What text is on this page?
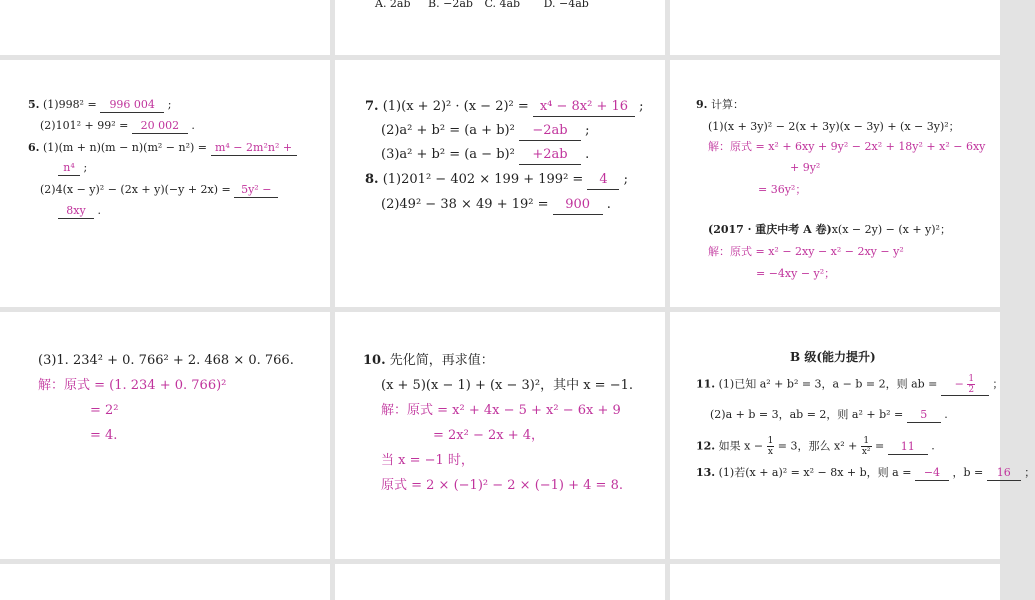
A. 2ab B. −2ab C. 4ab D. −4ab
5. (1)998² = 996 004 ;
(2)101² + 99² = 20 002 .
6. (1)(m + n)(m − n)(m² − n²) = m⁴ − 2m²n² +
n⁴ ;
(2)4(x − y)² − (2x + y)(−y + 2x) = 5y² −
8xy .
7. (1)(x + 2)² · (x − 2)² = x⁴ − 8x² + 16 ;
(2)a² + b² = (a + b)² −2ab ;
(3)a² + b² = (a − b)² +2ab .
8. (1)201² − 402 × 199 + 199² = 4 ;
(2)49² − 38 × 49 + 19² = 900 .
9. 计算：
(1)(x + 3y)² − 2(x + 3y)(x − 3y) + (x − 3y)²；
解：原式 = x² + 6xy + 9y² − 2x² + 18y² + x² − 6xy
+ 9y²
= 36y²；
(2017 · 重庆中考 A 卷)x(x − 2y) − (x + y)²；
解：原式 = x² − 2xy − x² − 2xy − y²
= −4xy − y²；
(3)1. 234² + 0. 766² + 2. 468 × 0. 766.
解：原式 = (1. 234 + 0. 766)²
= 2²
= 4.
10. 先化简，再求值：
(x + 5)(x − 1) + (x − 3)²，其中 x = −1.
解：原式 = x² + 4x − 5 + x² − 6x + 9
= 2x² − 2x + 4，
当 x = −1 时，
原式 = 2 × (−1)² − 2 × (−1) + 4 = 8.
B 级(能力提升)
11. (1)已知 a² + b² = 3，a − b = 2，则 ab = − $\frac{1}{2}$ ；
(2)a + b = 3，ab = 2，则 a² + b² = 5 .
12. 如果 $x - \frac{1}{x} = 3$，那么 $x^2 + \frac{1}{\text{x²}} = 11$ .
13. (1)若(x + a)² = x² − 8x + b，则 a = −4 ，b = 16 ；
